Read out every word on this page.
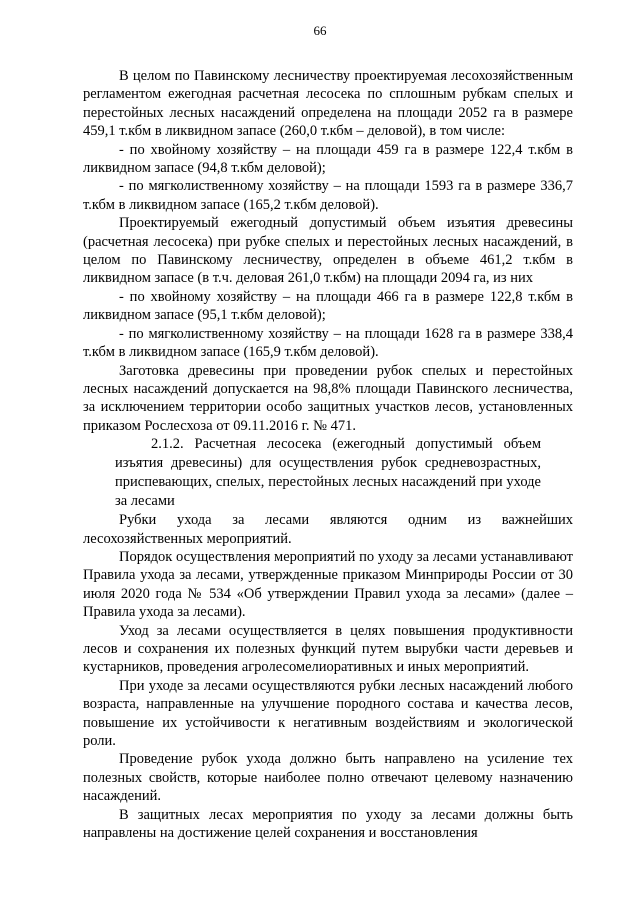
66

В целом по Павинскому лесничеству проектируемая лесохозяйственным регламентом ежегодная расчетная лесосека по сплошным рубкам спелых и перестойных лесных насаждений определена на площади 2052 га в размере 459,1 т.кбм в ликвидном запасе (260,0 т.кбм – деловой), в том числе:

- по хвойному хозяйству – на площади 459 га в размере 122,4 т.кбм в ликвидном запасе (94,8 т.кбм деловой);

- по мягколиственному хозяйству – на площади 1593 га в размере 336,7 т.кбм в ликвидном запасе (165,2 т.кбм деловой).

Проектируемый ежегодный допустимый объем изъятия древесины (расчетная лесосека) при рубке спелых и перестойных лесных насаждений, в целом по Павинскому лесничеству, определен в объеме 461,2 т.кбм в ликвидном запасе (в т.ч. деловая 261,0 т.кбм) на площади 2094 га, из них

- по хвойному хозяйству – на площади 466 га в размере 122,8 т.кбм в ликвидном запасе (95,1 т.кбм деловой);

- по мягколиственному хозяйству – на площади 1628 га в размере 338,4 т.кбм в ликвидном запасе (165,9 т.кбм деловой).

Заготовка древесины при проведении рубок спелых и перестойных лесных насаждений допускается на 98,8% площади Павинского лесничества, за исключением территории особо защитных участков лесов, установленных приказом Рослесхоза от 09.11.2016 г. № 471.

2.1.2. Расчетная лесосека (ежегодный допустимый объем изъятия древесины) для осуществления рубок средневозрастных, приспевающих, спелых, перестойных лесных насаждений при уходе за лесами

Рубки ухода за лесами являются одним из важнейших лесохозяйственных мероприятий.

Порядок осуществления мероприятий по уходу за лесами устанавливают Правила ухода за лесами, утвержденные приказом Минприроды России от 30 июля 2020 года № 534 «Об утверждении Правил ухода за лесами» (далее – Правила ухода за лесами).

Уход за лесами осуществляется в целях повышения продуктивности лесов и сохранения их полезных функций путем вырубки части деревьев и кустарников, проведения агролесомелиоративных и иных мероприятий.

При уходе за лесами осуществляются рубки лесных насаждений любого возраста, направленные на улучшение породного состава и качества лесов, повышение их устойчивости к негативным воздействиям и экологической роли.

Проведение рубок ухода должно быть направлено на усиление тех полезных свойств, которые наиболее полно отвечают целевому назначению насаждений.

В защитных лесах мероприятия по уходу за лесами должны быть направлены на достижение целей сохранения и восстановления
